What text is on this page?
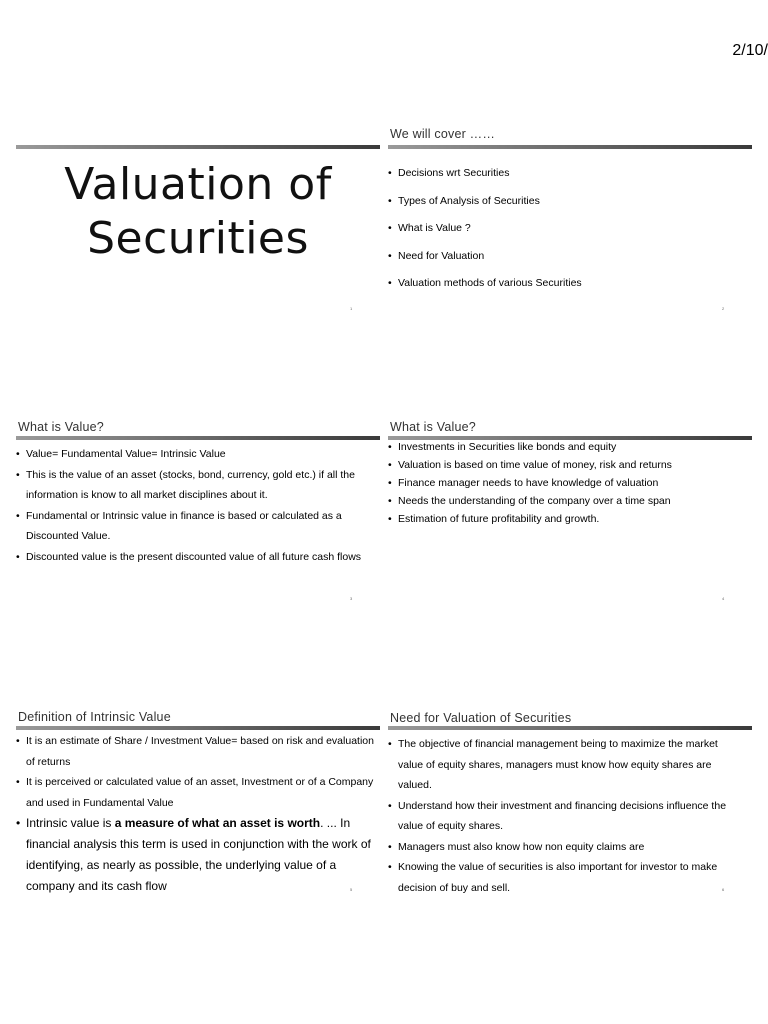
2/10/
Valuation of
Securities
1
We will cover ……
• Decisions wrt Securities
• Types of Analysis of Securities
• What is Value ?
• Need for Valuation
• Valuation methods of various Securities
2
What is Value?
• Value= Fundamental Value= Intrinsic Value
• This is the value of an asset (stocks, bond, currency, gold etc.) if all the information is know to all market disciplines about it.
• Fundamental or Intrinsic value in finance is based or calculated as a Discounted Value.
• Discounted value is the present discounted value of all future cash flows
3
What is Value?
• Investments in Securities like bonds and equity
• Valuation is based on time value of money, risk and returns
• Finance manager needs to have knowledge of valuation
• Needs the understanding of the company over a time span
• Estimation of future profitability and growth.
4
Definition of Intrinsic Value
• It is an estimate of Share / Investment Value= based on risk and evaluation of returns
• It is perceived or calculated value of an asset, Investment or of a Company and used in Fundamental Value
• Intrinsic value is a measure of what an asset is worth. ... In financial analysis this term is used in conjunction with the work of identifying, as nearly as possible, the underlying value of a company and its cash flow	5
Need for Valuation of Securities
• The objective of financial management being to maximize the market value of equity shares, managers must know how equity shares are valued.
• Understand how their investment and financing decisions influence the value of equity shares.
• Managers must also know how non equity claims are
• Knowing the value of securities is also important for investor to make decision of buy and sell.	6
